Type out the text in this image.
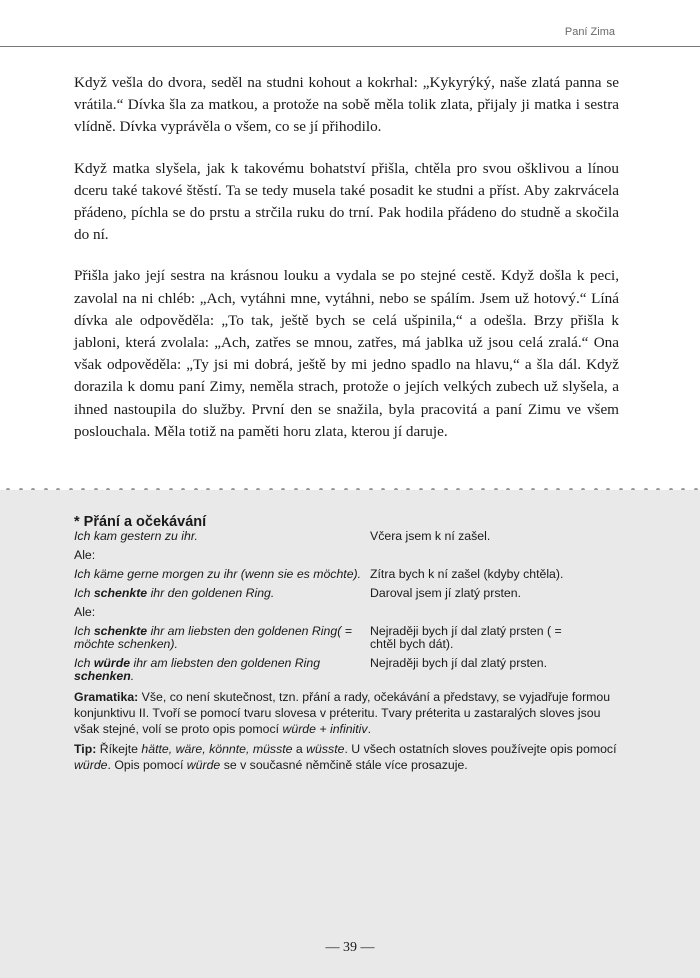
Paní Zima

Když vešla do dvora, seděl na studni kohout a kokrhal: „Kykyrýký, naše zlatá panna se vrátila.“ Dívka šla za matkou, a protože na sobě měla tolik zlata, přijaly ji matka i sestra vlídně. Dívka vyprávěla o všem, co se jí přihodilo.

Když matka slyšela, jak k takovému bohatství přišla, chtěla pro svou ošklivou a línou dceru také takové štěstí. Ta se tedy musela také posadit ke studni a příst. Aby zakrvácela přádeno, píchla se do prstu a strčila ruku do trní. Pak hodila přádeno do studně a skočila do ní.

Přišla jako její sestra na krásnou louku a vydala se po stejné cestě. Když došla k peci, zavolal na ni chléb: „Ach, vytáhni mne, vytáhni, nebo se spálím. Jsem už hotový.“ Líná dívka ale odpověděla: „To tak, ještě bych se celá ušpinila,“ a odešla. Brzy přišla k jabloni, která zvolala: „Ach, zatřes se mnou, zatřes, má jablka už jsou celá zralá.“ Ona však odpověděla: „Ty jsi mi dobrá, ještě by mi jedno spadlo na hlavu,“ a šla dál. Když dorazila k domu paní Zimy, neměla strach, protože o jejích velkých zubech už slyšela, a ihned nastoupila do služby. První den se snažila, byla pracovitá a paní Zimu ve všem poslouchala. Měla totiž na paměti horu zlata, kterou jí daruje.

* Přání a očekávání

Ich kam gestern zu ihr.	Včera jsem k ní zašel.
Ale:
Ich käme gerne morgen zu ihr (wenn sie es möchte). Zítra bych k ní zašel (kdyby chtěla).
Ich schenkte ihr den goldenen Ring.	Daroval jsem jí zlatý prsten.
Ale:
Ich schenkte ihr am liebsten den goldenen Ring( = möchte schenken).
Nejraději bych jí dal zlatý prsten ( = chtěl bych dát).
Ich würde ihr am liebsten den goldenen Ring schenken.
Nejraději bych jí dal zlatý prsten.

Gramatika: Vše, co není skutečnost, tzn. přání a rady, očekávání a představy, se vyjadřuje formou konjunktivu II. Tvoří se pomocí tvaru slovesa v préteritu. Tvary préterita u zastaralých sloves jsou však stejné, volí se proto opis pomocí würde + infinitiv.

Tip: Říkejte hätte, wäre, könnte, müsste a wüsste. U všech ostatních sloves používejte opis pomocí würde. Opis pomocí würde se v současné němčině stále více prosazuje.

— 39 —
